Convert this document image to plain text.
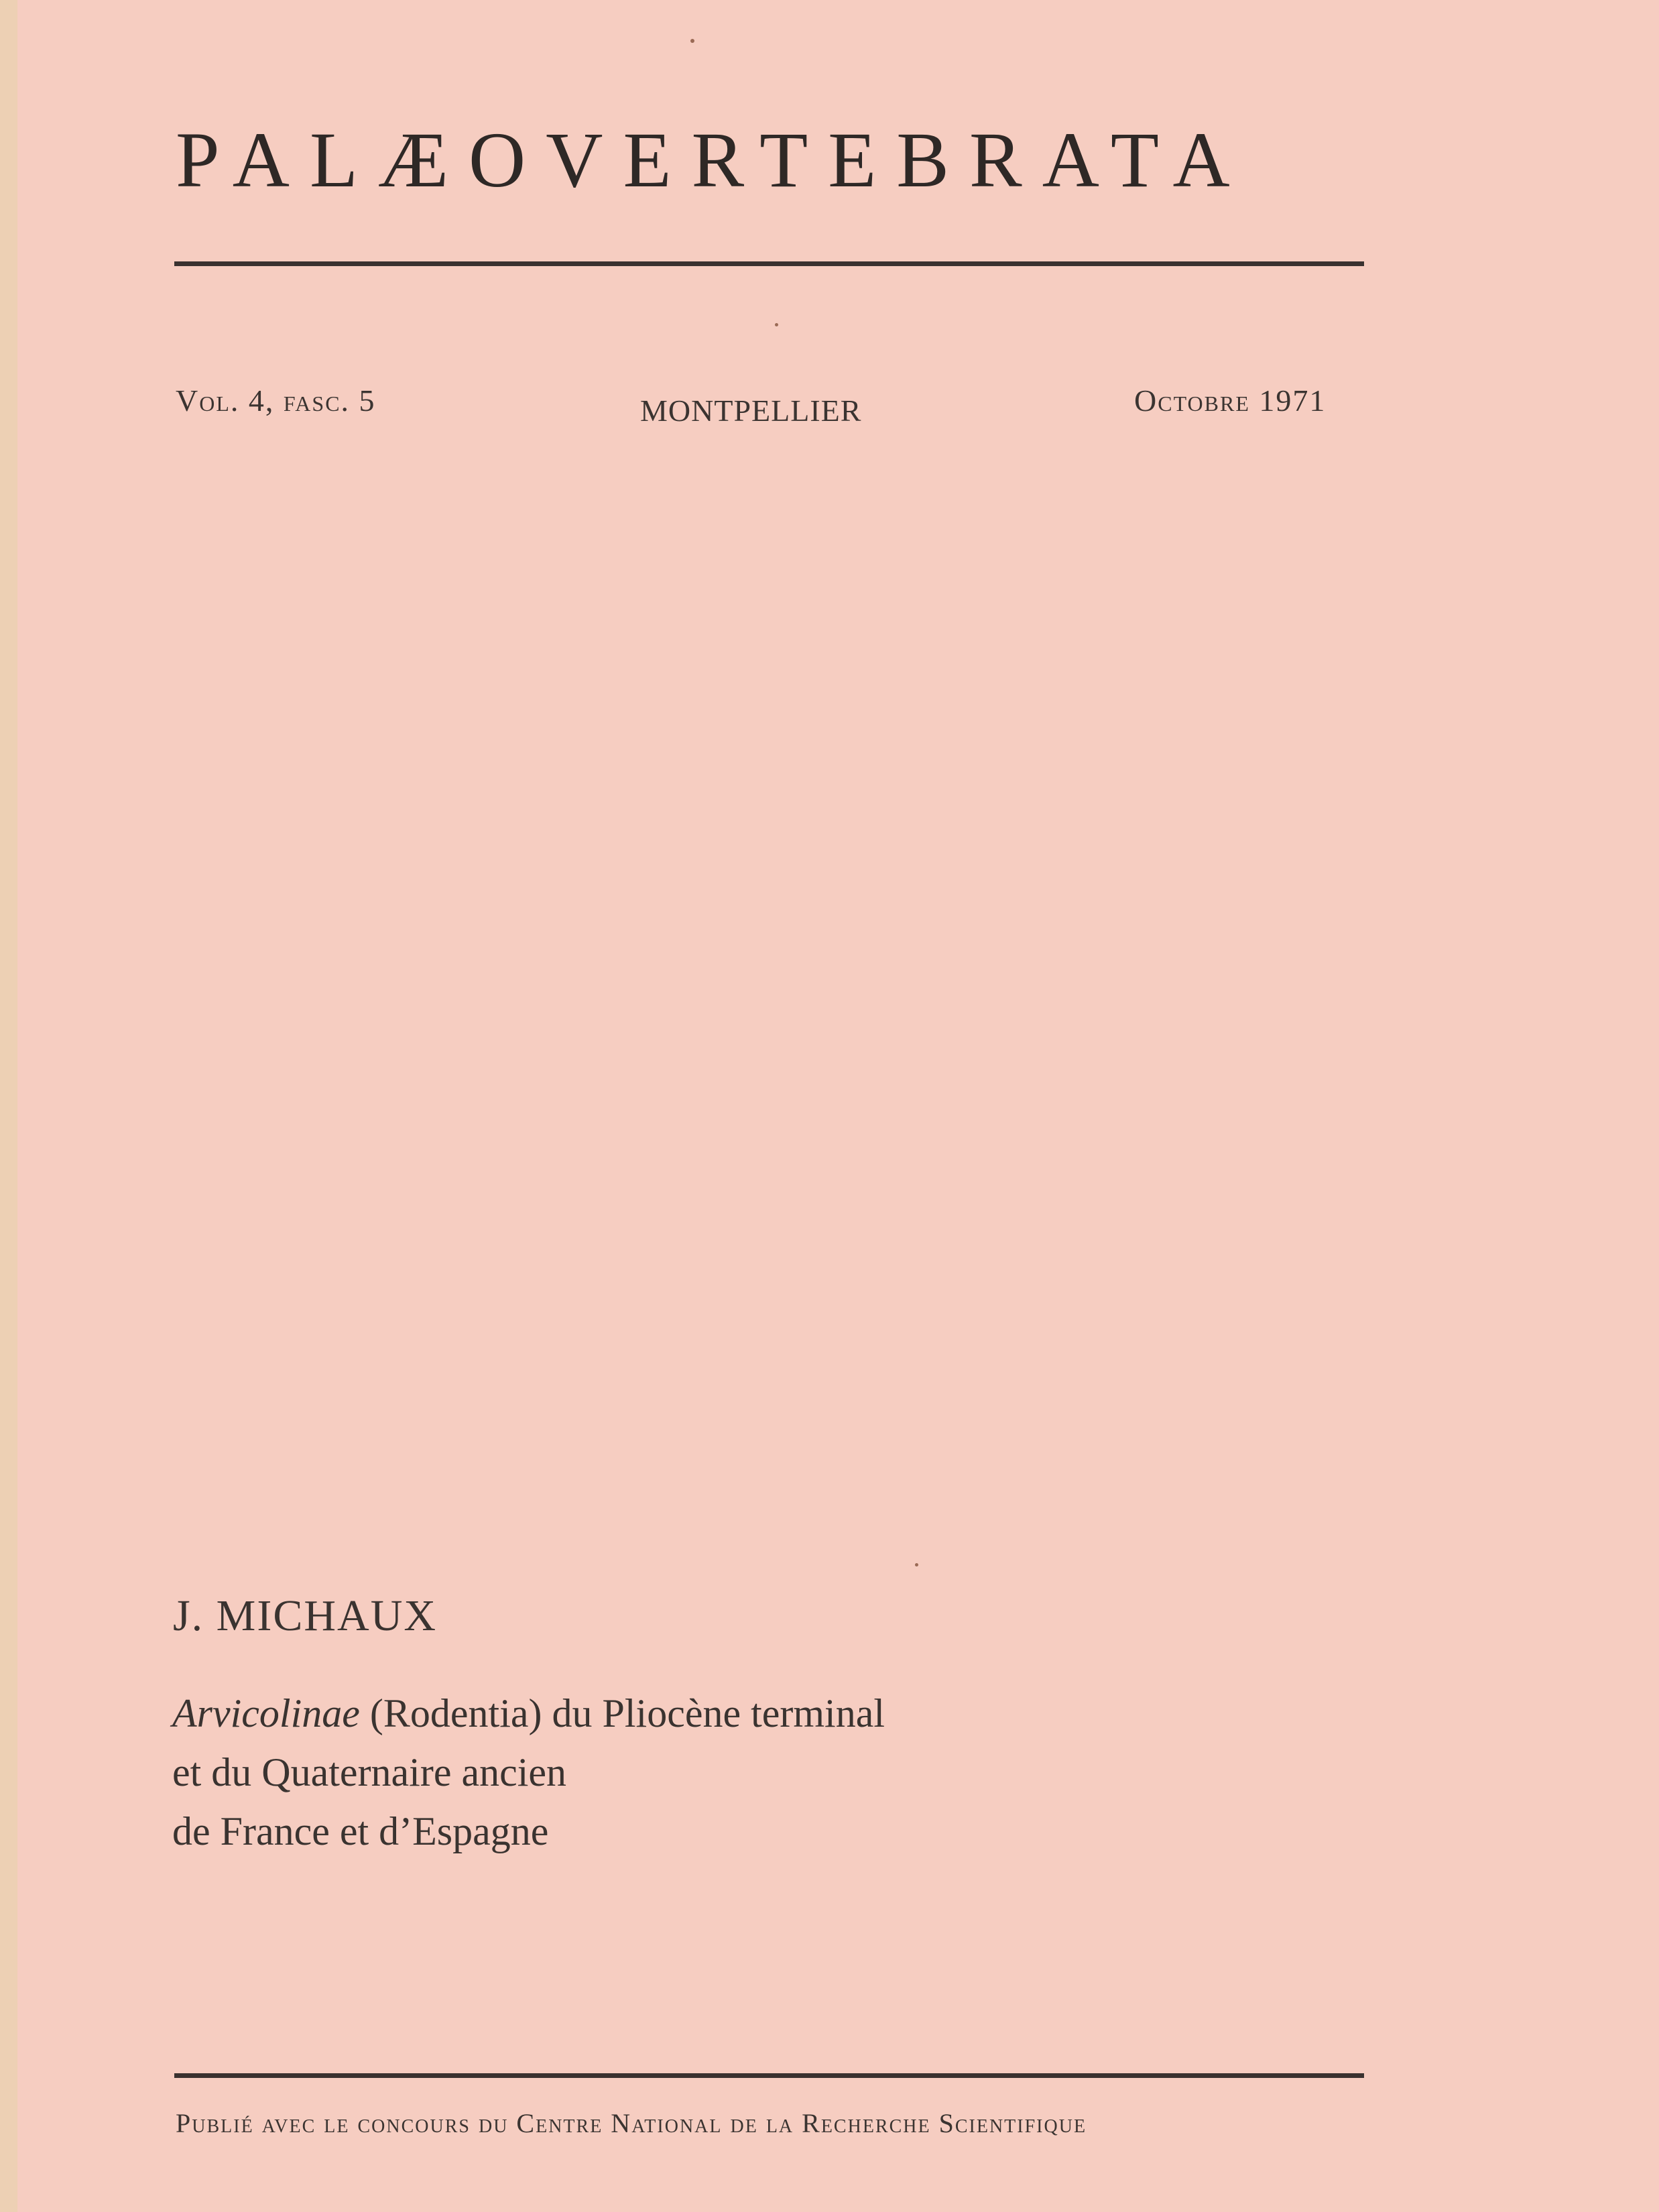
PALÆOVERTEBRATA
Vol. 4, fasc. 5	MONTPELLIER	Octobre 1971
J. MICHAUX
Arvicolinae (Rodentia) du Pliocène terminal
et du Quaternaire ancien
de France et d’Espagne
Publié avec le concours du Centre National de la Recherche Scientifique
